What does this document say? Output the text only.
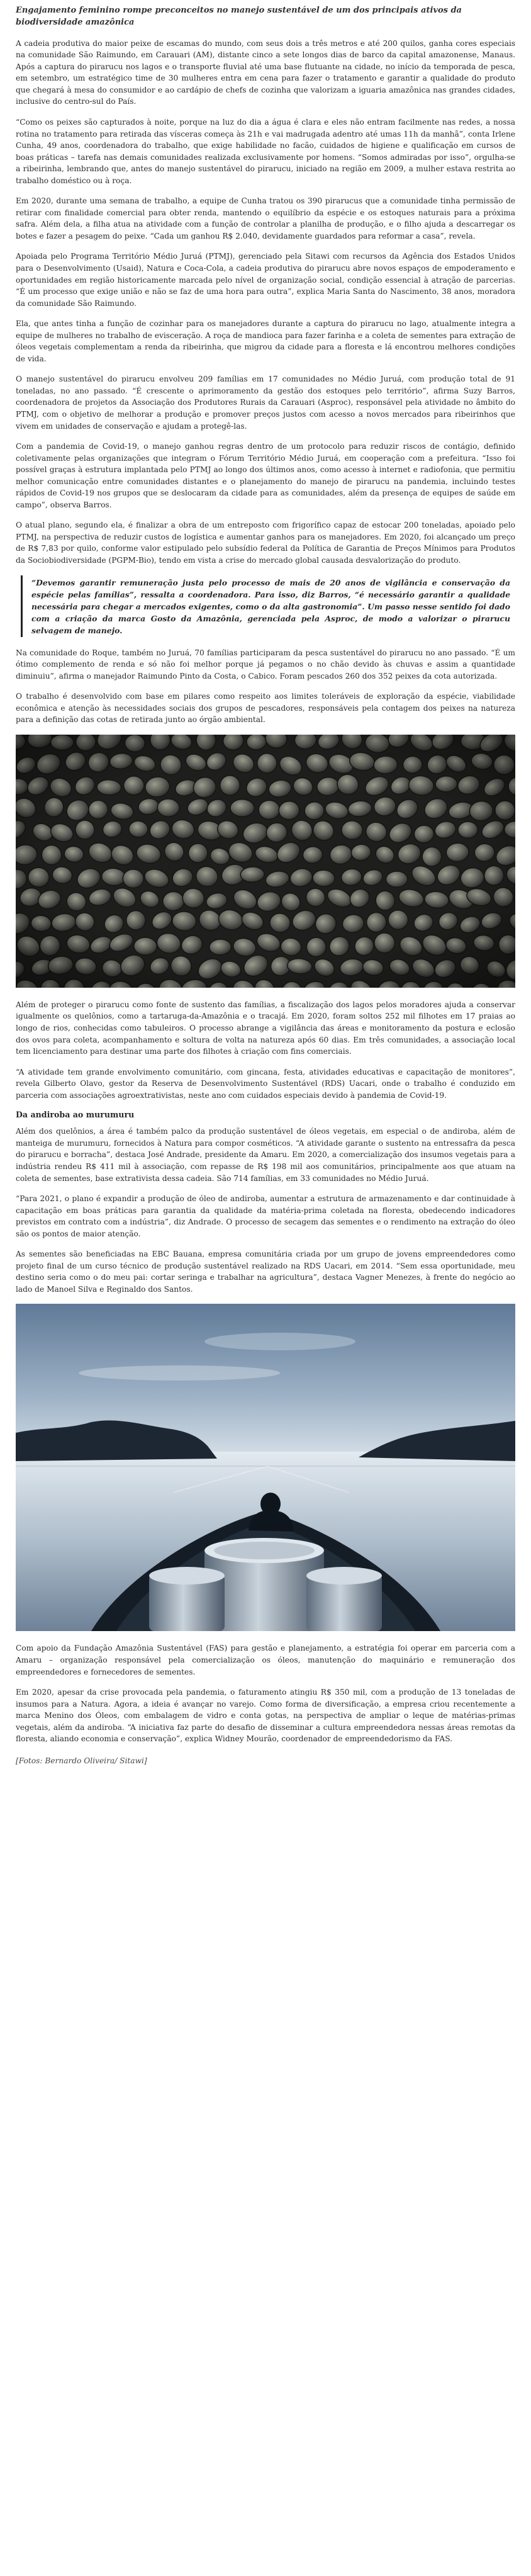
Engajamento feminino rompe preconceitos no manejo sustentável de um dos principais ativos da biodiversidade amazônica

A cadeia produtiva do maior peixe de escamas do mundo, com seus dois a três metros e até 200 quilos, ganha cores especiais na comunidade São Raimundo, em Carauari (AM), distante cinco a sete longos dias de barco da capital amazonense, Manaus. Após a captura do pirarucu nos lagos e o transporte fluvial até uma base flutuante na cidade, no início da temporada de pesca, em setembro, um estratégico time de 30 mulheres entra em cena para fazer o tratamento e garantir a qualidade do produto que chegará à mesa do consumidor e ao cardápio de chefs de cozinha que valorizam a iguaria amazônica nas grandes cidades, inclusive do centro-sul do País.

“Como os peixes são capturados à noite, porque na luz do dia a água é clara e eles não entram facilmente nas redes, a nossa rotina no tratamento para retirada das vísceras começa às 21h e vai madrugada adentro até umas 11h da manhã”, conta Irlene Cunha, 49 anos, coordenadora do trabalho, que exige habilidade no facão, cuidados de higiene e qualificação em cursos de boas práticas – tarefa nas demais comunidades realizada exclusivamente por homens. “Somos admiradas por isso”, orgulha-se a ribeirinha, lembrando que, antes do manejo sustentável do pirarucu, iniciado na região em 2009, a mulher estava restrita ao trabalho doméstico ou à roça.

Em 2020, durante uma semana de trabalho, a equipe de Cunha tratou os 390 pirarucus que a comunidade tinha permissão de retirar com finalidade comercial para obter renda, mantendo o equilíbrio da espécie e os estoques naturais para a próxima safra. Além dela, a filha atua na atividade com a função de controlar a planilha de produção, e o filho ajuda a descarregar os botes e fazer a pesagem do peixe. “Cada um ganhou R$ 2.040, devidamente guardados para reformar a casa”, revela.

Apoiada pelo Programa Território Médio Juruá (PTMJ), gerenciado pela Sitawi com recursos da Agência dos Estados Unidos para o Desenvolvimento (Usaid), Natura e Coca-Cola, a cadeia produtiva do pirarucu abre novos espaços de empoderamento e oportunidades em região historicamente marcada pelo nível de organização social, condição essencial à atração de parcerias. “É um processo que exige união e não se faz de uma hora para outra”, explica Maria Santa do Nascimento, 38 anos, moradora da comunidade São Raimundo.

Ela, que antes tinha a função de cozinhar para os manejadores durante a captura do pirarucu no lago, atualmente integra a equipe de mulheres no trabalho de evisceração. A roça de mandioca para fazer farinha e a coleta de sementes para extração de óleos vegetais complementam a renda da ribeirinha, que migrou da cidade para a floresta e lá encontrou melhores condições de vida.

O manejo sustentável do pirarucu envolveu 209 famílias em 17 comunidades no Médio Juruá, com produção total de 91 toneladas, no ano passado. “É crescente o aprimoramento da gestão dos estoques pelo território”, afirma Suzy Barros, coordenadora de projetos da Associação dos Produtores Rurais da Carauari (Asproc), responsável pela atividade no âmbito do PTMJ, com o objetivo de melhorar a produção e promover preços justos com acesso a novos mercados para ribeirinhos que vivem em unidades de conservação e ajudam a protegê-las.

Com a pandemia de Covid-19, o manejo ganhou regras dentro de um protocolo para reduzir riscos de contágio, definido coletivamente pelas organizações que integram o Fórum Território Médio Juruá, em cooperação com a prefeitura. “Isso foi possível graças à estrutura implantada pelo PTMJ ao longo dos últimos anos, como acesso à internet e radiofonia, que permitiu melhor comunicação entre comunidades distantes e o planejamento do manejo de pirarucu na pandemia, incluindo testes rápidos de Covid-19 nos grupos que se deslocaram da cidade para as comunidades, além da presença de equipes de saúde em campo”, observa Barros.

O atual plano, segundo ela, é finalizar a obra de um entreposto com frigorífico capaz de estocar 200 toneladas, apoiado pelo PTMJ, na perspectiva de reduzir custos de logística e aumentar ganhos para os manejadores. Em 2020, foi alcançado um preço de R$ 7,83 por quilo, conforme valor estipulado pelo subsídio federal da Política de Garantia de Preços Mínimos para Produtos da Sociobiodiversidade (PGPM-Bio), tendo em vista a crise do mercado global causada desvalorização do produto.

“Devemos garantir remuneração justa pelo processo de mais de 20 anos de vigilância e conservação da espécie pelas famílias”, ressalta a coordenadora. Para isso, diz Barros, “é necessário garantir a qualidade necessária para chegar a mercados exigentes, como o da alta gastronomia”. Um passo nesse sentido foi dado com a criação da marca Gosto da Amazônia, gerenciada pela Asproc, de modo a valorizar o pirarucu selvagem de manejo.

Na comunidade do Roque, também no Juruá, 70 famílias participaram da pesca sustentável do pirarucu no ano passado. “É um ótimo complemento de renda e só não foi melhor porque já pegamos o no chão devido às chuvas e assim a quantidade diminuiu”, afirma o manejador Raimundo Pinto da Costa, o Cabico. Foram pescados 260 dos 352 peixes da cota autorizada.

O trabalho é desenvolvido com base em pilares como respeito aos limites toleráveis de exploração da espécie, viabilidade econômica e atenção às necessidades sociais dos grupos de pescadores, responsáveis pela contagem dos peixes na natureza para a definição das cotas de retirada junto ao órgão ambiental.

Além de proteger o pirarucu como fonte de sustento das famílias, a fiscalização dos lagos pelos moradores ajuda a conservar igualmente os quelônios, como a tartaruga-da-Amazônia e o tracajá. Em 2020, foram soltos 252 mil filhotes em 17 praias ao longo de rios, conhecidas como tabuleiros. O processo abrange a vigilância das áreas e monitoramento da postura e eclosão dos ovos para coleta, acompanhamento e soltura de volta na natureza após 60 dias. Em três comunidades, a associação local tem licenciamento para destinar uma parte dos filhotes à criação com fins comerciais.

“A atividade tem grande envolvimento comunitário, com gincana, festa, atividades educativas e capacitação de monitores”, revela Gilberto Olavo, gestor da Reserva de Desenvolvimento Sustentável (RDS) Uacari, onde o trabalho é conduzido em parceria com associações agroextrativistas, neste ano com cuidados especiais devido à pandemia de Covid-19.

Da andiroba ao murumuru

Além dos quelônios, a área é também palco da produção sustentável de óleos vegetais, em especial o de andiroba, além de manteiga de murumuru, fornecidos à Natura para compor cosméticos. “A atividade garante o sustento na entressafra da pesca do pirarucu e borracha”, destaca José Andrade, presidente da Amaru. Em 2020, a comercialização dos insumos vegetais para a indústria rendeu R$ 411 mil à associação, com repasse de R$ 198 mil aos comunitários, principalmente aos que atuam na coleta de sementes, base extrativista dessa cadeia. São 714 famílias, em 33 comunidades no Médio Juruá.

“Para 2021, o plano é expandir a produção de óleo de andiroba, aumentar a estrutura de armazenamento e dar continuidade à capacitação em boas práticas para garantia da qualidade da matéria-prima coletada na floresta, obedecendo indicadores previstos em contrato com a indústria”, diz Andrade. O processo de secagem das sementes e o rendimento na extração do óleo são os pontos de maior atenção.

As sementes são beneficiadas na EBC Bauana, empresa comunitária criada por um grupo de jovens empreendedores como projeto final de um curso técnico de produção sustentável realizado na RDS Uacari, em 2014. “Sem essa oportunidade, meu destino seria como o do meu pai: cortar seringa e trabalhar na agricultura”, destaca Vagner Menezes, à frente do negócio ao lado de Manoel Silva e Reginaldo dos Santos.

Com apoio da Fundação Amazônia Sustentável (FAS) para gestão e planejamento, a estratégia foi operar em parceria com a Amaru – organização responsável pela comercialização os óleos, manutenção do maquinário e remuneração dos empreendedores e fornecedores de sementes.

Em 2020, apesar da crise provocada pela pandemia, o faturamento atingiu R$ 350 mil, com a produção de 13 toneladas de insumos para a Natura. Agora, a ideia é avançar no varejo. Como forma de diversificação, a empresa criou recentemente a marca Menino dos Óleos, com embalagem de vidro e conta gotas, na perspectiva de ampliar o leque de matérias-primas vegetais, além da andiroba. “A iniciativa faz parte do desafio de disseminar a cultura empreendedora nessas áreas remotas da floresta, aliando economia e conservação”, explica Widney Mourão, coordenador de empreendedorismo da FAS.

[Fotos: Bernardo Oliveira/ Sitawi]
